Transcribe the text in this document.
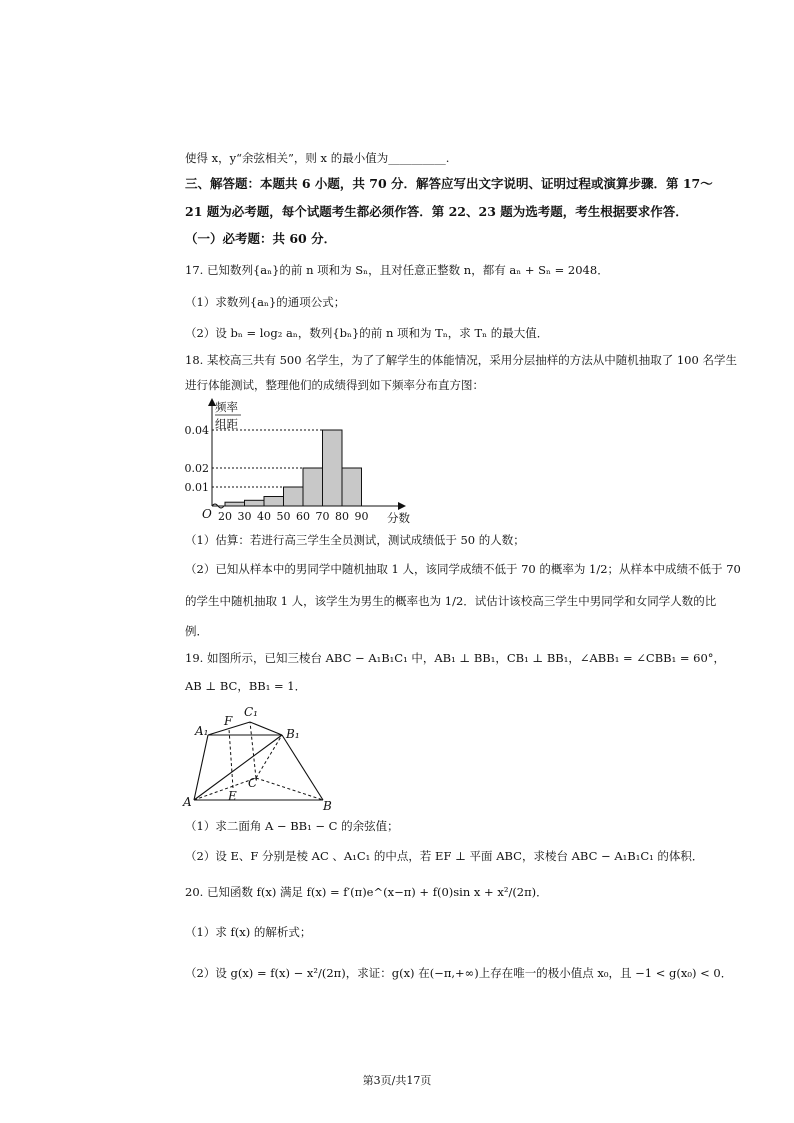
使得 x，y“余弦相关”，则 x 的最小值为__________.
三、解答题：本题共 6 小题，共 70 分．解答应写出文字说明、证明过程或演算步骤．第 17～
21 题为必考题，每个试题考生都必须作答．第 22、23 题为选考题，考生根据要求作答．
（一）必考题：共 60 分．
17. 已知数列{aₙ}的前 n 项和为 Sₙ，且对任意正整数 n，都有 aₙ + Sₙ = 2048．
（1）求数列{aₙ}的通项公式；
（2）设 bₙ = log₂ aₙ，数列{bₙ}的前 n 项和为 Tₙ，求 Tₙ 的最大值．
18. 某校高三共有 500 名学生，为了了解学生的体能情况，采用分层抽样的方法从中随机抽取了 100 名学生
进行体能测试，整理他们的成绩得到如下频率分布直方图：
0.04
0.02
0.01
20 30 40 50 60 70 80 90
O	分数
频率
组距
（1）估算：若进行高三学生全员测试，测试成绩低于 50 的人数；
（2）已知从样本中的男同学中随机抽取 1 人，该同学成绩不低于 70 的概率为 1/2；从样本中成绩不低于 70
的学生中随机抽取 1 人，该学生为男生的概率也为 1/2．试估计该校高三学生中男同学和女同学人数的比
例．
19. 如图所示，已知三棱台 ABC − A₁B₁C₁ 中，AB₁ ⊥ BB₁，CB₁ ⊥ BB₁，∠ABB₁ = ∠CBB₁ = 60°，
AB ⊥ BC，BB₁ = 1．
A₁
F
C₁
B₁
E
C
A	B
（1）求二面角 A − BB₁ − C 的余弦值；
（2）设 E、F 分别是棱 AC 、A₁C₁ 的中点，若 EF ⊥ 平面 ABC，求棱台 ABC − A₁B₁C₁ 的体积．
20. 已知函数 f(x) 满足 f(x) = f′(π)e^(x−π) + f(0)sin x + x²/(2π)．
（1）求 f(x) 的解析式；
（2）设 g(x) = f(x) − x²/(2π)，求证：g(x) 在(−π,+∞)上存在唯一的极小值点 x₀，且 −1 < g(x₀) < 0．
第3页/共17页
